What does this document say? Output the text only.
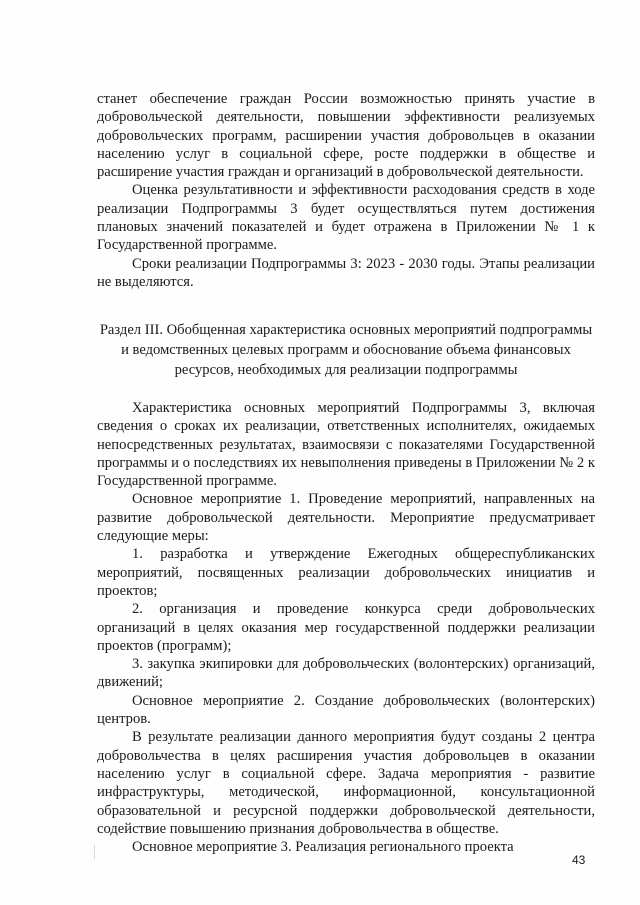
станет обеспечение граждан России возможностью принять участие в добровольческой деятельности, повышении эффективности реализуемых добровольческих программ, расширении участия добровольцев в оказании населению услуг в социальной сфере, росте поддержки в обществе и расширение участия граждан и организаций в добровольческой деятельности.

Оценка результативности и эффективности расходования средств в ходе реализации Подпрограммы 3 будет осуществляться путем достижения плановых значений показателей и будет отражена в Приложении № 1 к Государственной программе.

Сроки реализации Подпрограммы 3: 2023 - 2030 годы. Этапы реализации не выделяются.

Раздел III. Обобщенная характеристика основных мероприятий подпрограммы и ведомственных целевых программ и обоснование объема финансовых ресурсов, необходимых для реализации подпрограммы

Характеристика основных мероприятий Подпрограммы 3, включая сведения о сроках их реализации, ответственных исполнителях, ожидаемых непосредственных результатах, взаимосвязи с показателями Государственной программы и о последствиях их невыполнения приведены в Приложении № 2 к Государственной программе.

Основное мероприятие 1. Проведение мероприятий, направленных на развитие добровольческой деятельности. Мероприятие предусматривает следующие меры:

1. разработка и утверждение Ежегодных общереспубликанских мероприятий, посвященных реализации добровольческих инициатив и проектов;

2. организация и проведение конкурса среди добровольческих организаций в целях оказания мер государственной поддержки реализации проектов (программ);

3. закупка экипировки для добровольческих (волонтерских) организаций, движений;

Основное мероприятие 2. Создание добровольческих (волонтерских) центров.

В результате реализации данного мероприятия будут созданы 2 центра добровольчества в целях расширения участия добровольцев в оказании населению услуг в социальной сфере. Задача мероприятия - развитие инфраструктуры, методической, информационной, консультационной образовательной и ресурсной поддержки добровольческой деятельности, содействие повышению признания добровольчества в обществе.

Основное мероприятие 3. Реализация регионального проекта

43
